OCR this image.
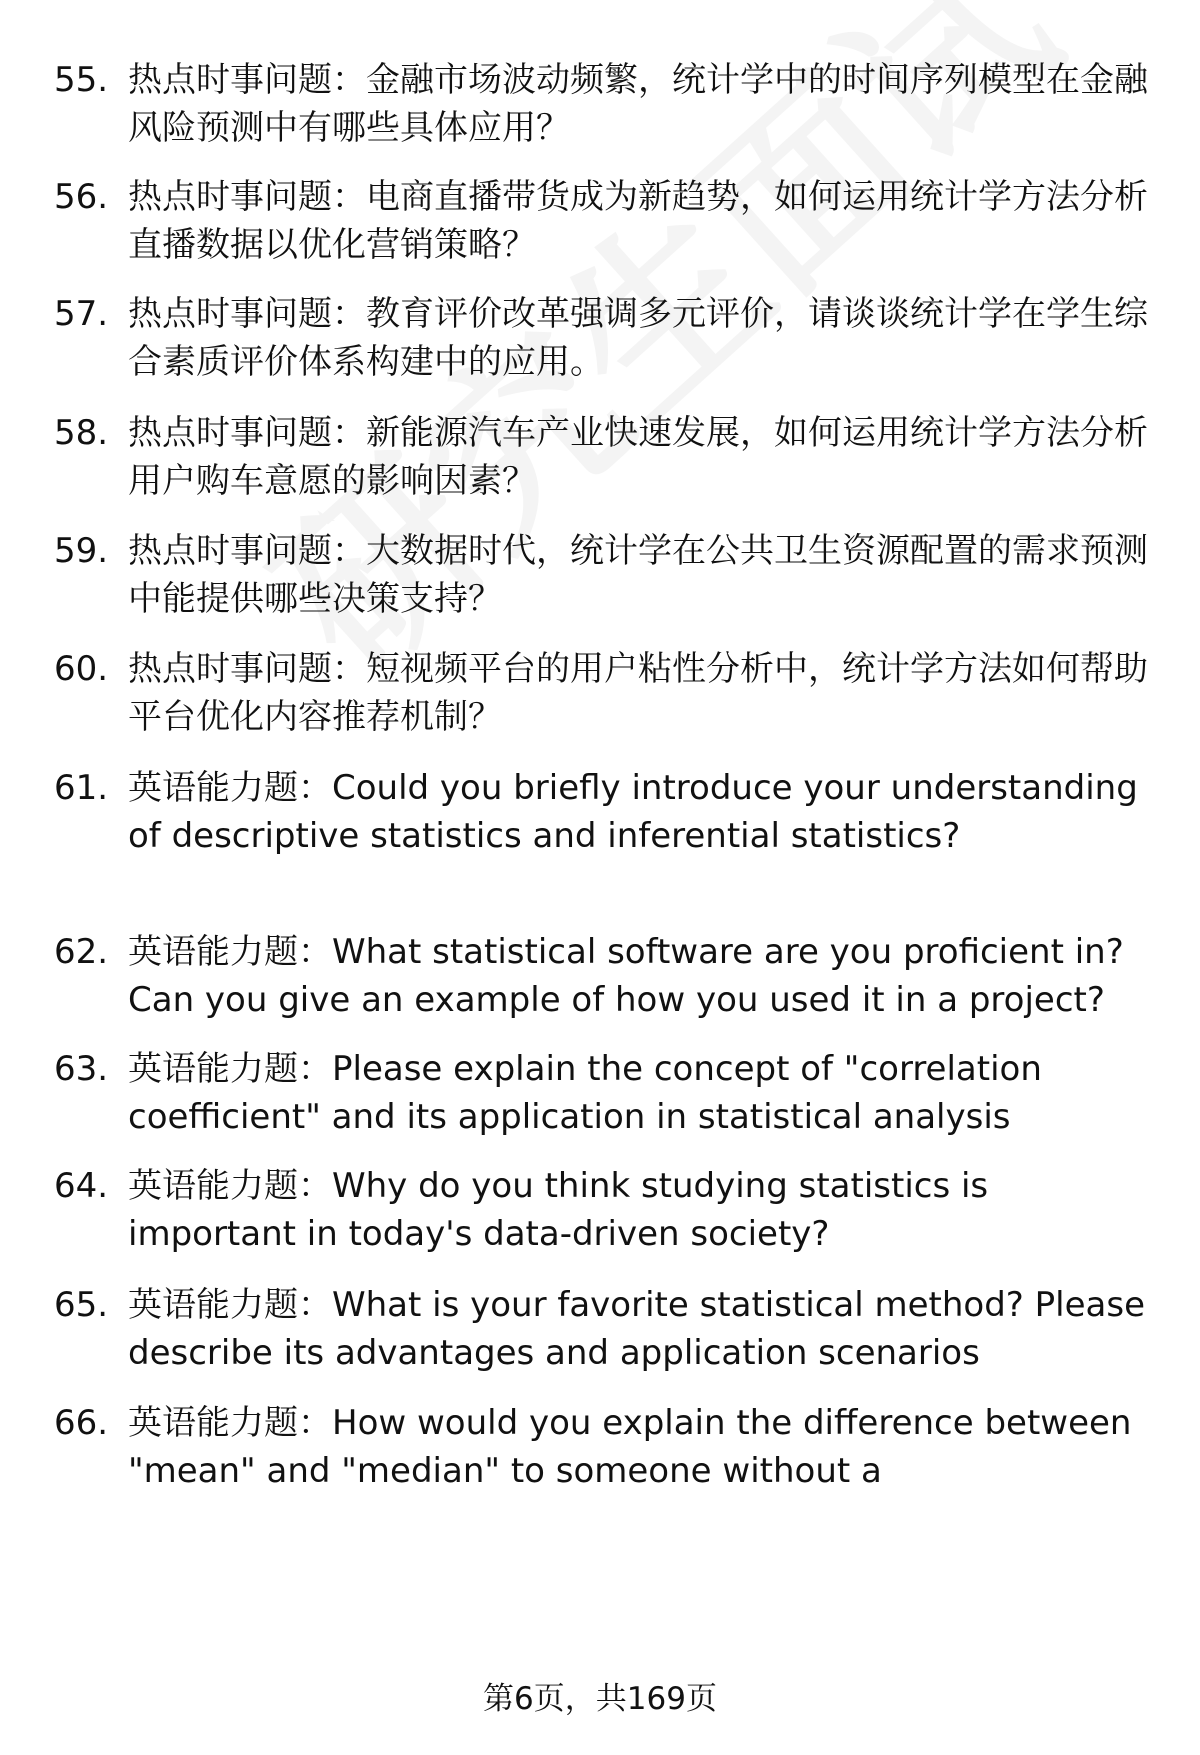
55. 热点时事问题：金融市场波动频繁，统计学中的时间序列模型在金融风险预测中有哪些具体应用？
56. 热点时事问题：电商直播带货成为新趋势，如何运用统计学方法分析直播数据以优化营销策略？
57. 热点时事问题：教育评价改革强调多元评价，请谈谈统计学在学生综合素质评价体系构建中的应用。
58. 热点时事问题：新能源汽车产业快速发展，如何运用统计学方法分析用户购车意愿的影响因素？
59. 热点时事问题：大数据时代，统计学在公共卫生资源配置的需求预测中能提供哪些决策支持？
60. 热点时事问题：短视频平台的用户粘性分析中，统计学方法如何帮助平台优化内容推荐机制？
61. 英语能力题：Could you briefly introduce your understanding of descriptive statistics and inferential statistics?
62. 英语能力题：What statistical software are you proficient in? Can you give an example of how you used it in a project?
63. 英语能力题：Please explain the concept of "correlation coefficient" and its application in statistical analysis
64. 英语能力题：Why do you think studying statistics is important in today's data-driven society?
65. 英语能力题：What is your favorite statistical method? Please describe its advantages and application scenarios
66. 英语能力题：How would you explain the difference between "mean" and "median" to someone without a
第6页，共169页
